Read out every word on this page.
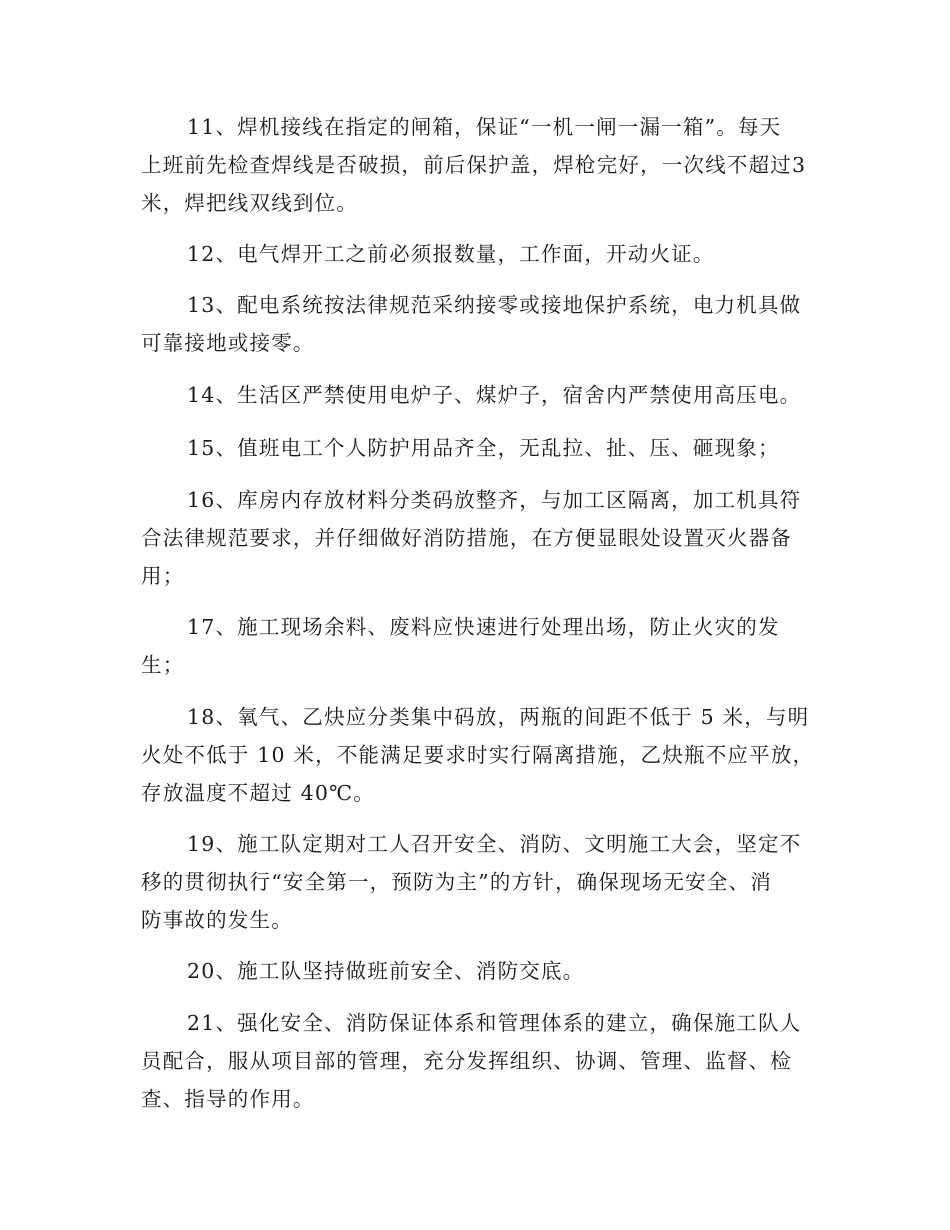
11、焊机接线在指定的闸箱，保证“一机一闸一漏一箱”。每天
上班前先检查焊线是否破损，前后保护盖，焊枪完好，一次线不超过3
米，焊把线双线到位。
12、电气焊开工之前必须报数量，工作面，开动火证。
13、配电系统按法律规范采纳接零或接地保护系统，电力机具做
可靠接地或接零。
14、生活区严禁使用电炉子、煤炉子，宿舍内严禁使用高压电。
15、值班电工个人防护用品齐全，无乱拉、扯、压、砸现象；
16、库房内存放材料分类码放整齐，与加工区隔离，加工机具符
合法律规范要求，并仔细做好消防措施，在方便显眼处设置灭火器备
用；
17、施工现场余料、废料应快速进行处理出场，防止火灾的发
生；
18、氧气、乙炔应分类集中码放，两瓶的间距不低于 5 米，与明
火处不低于 10 米，不能满足要求时实行隔离措施，乙炔瓶不应平放，
存放温度不超过 40℃。
19、施工队定期对工人召开安全、消防、文明施工大会，坚定不
移的贯彻执行“安全第一，预防为主”的方针，确保现场无安全、消
防事故的发生。
20、施工队坚持做班前安全、消防交底。
21、强化安全、消防保证体系和管理体系的建立，确保施工队人
员配合，服从项目部的管理，充分发挥组织、协调、管理、监督、检
查、指导的作用。
